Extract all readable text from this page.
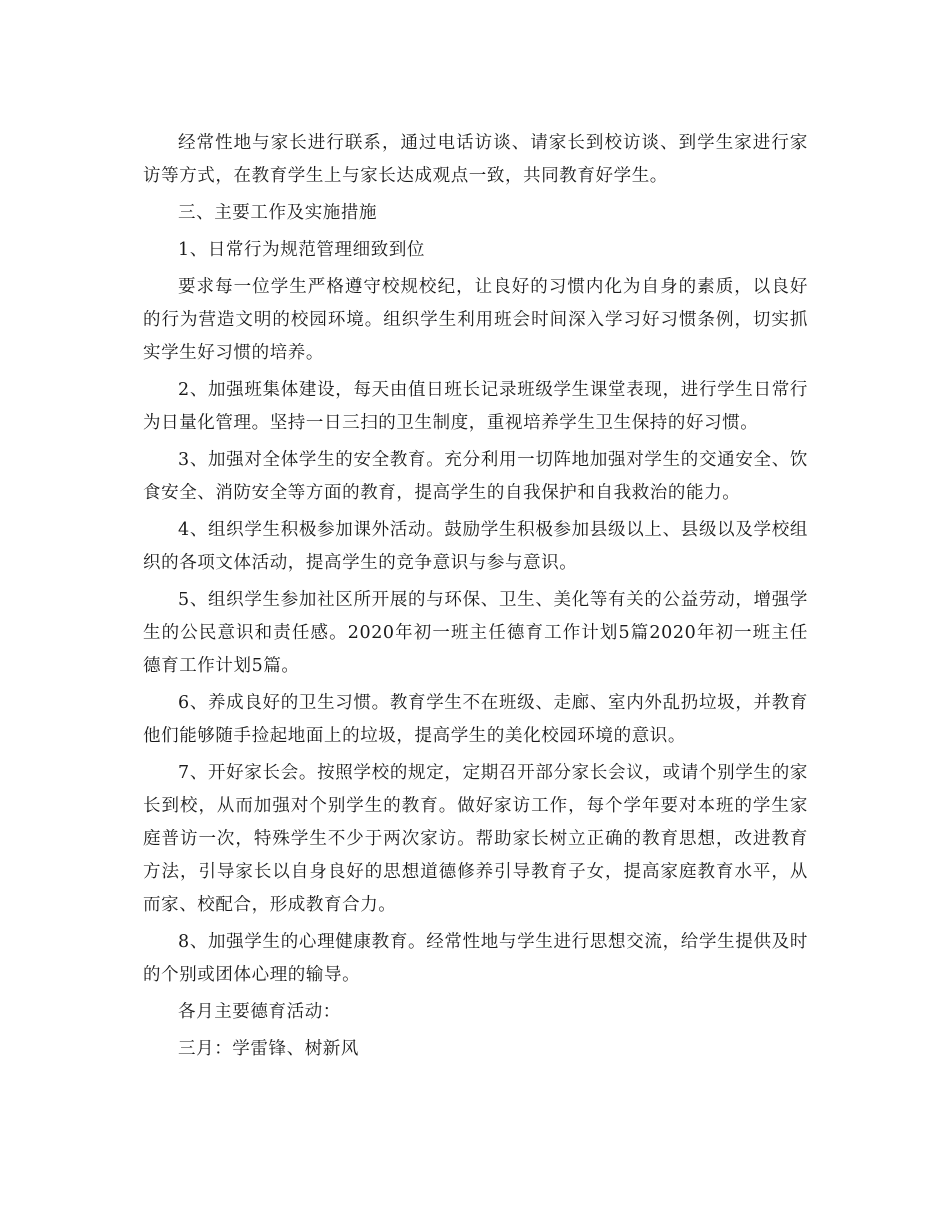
经常性地与家长进行联系，通过电话访谈、请家长到校访谈、到学生家进行家访等方式，在教育学生上与家长达成观点一致，共同教育好学生。

三、主要工作及实施措施

1、日常行为规范管理细致到位

要求每一位学生严格遵守校规校纪，让良好的习惯内化为自身的素质，以良好的行为营造文明的校园环境。组织学生利用班会时间深入学习好习惯条例，切实抓实学生好习惯的培养。

2、加强班集体建设，每天由值日班长记录班级学生课堂表现，进行学生日常行为日量化管理。坚持一日三扫的卫生制度，重视培养学生卫生保持的好习惯。

3、加强对全体学生的安全教育。充分利用一切阵地加强对学生的交通安全、饮食安全、消防安全等方面的教育，提高学生的自我保护和自我救治的能力。

4、组织学生积极参加课外活动。鼓励学生积极参加县级以上、县级以及学校组织的各项文体活动，提高学生的竞争意识与参与意识。

5、组织学生参加社区所开展的与环保、卫生、美化等有关的公益劳动，增强学生的公民意识和责任感。2020年初一班主任德育工作计划5篇2020年初一班主任德育工作计划5篇。

6、养成良好的卫生习惯。教育学生不在班级、走廊、室内外乱扔垃圾，并教育他们能够随手捡起地面上的垃圾，提高学生的美化校园环境的意识。

7、开好家长会。按照学校的规定，定期召开部分家长会议，或请个别学生的家长到校，从而加强对个别学生的教育。做好家访工作，每个学年要对本班的学生家庭普访一次，特殊学生不少于两次家访。帮助家长树立正确的教育思想，改进教育方法，引导家长以自身良好的思想道德修养引导教育子女，提高家庭教育水平，从而家、校配合，形成教育合力。

8、加强学生的心理健康教育。经常性地与学生进行思想交流，给学生提供及时的个别或团体心理的输导。

各月主要德育活动：

三月：学雷锋、树新风
